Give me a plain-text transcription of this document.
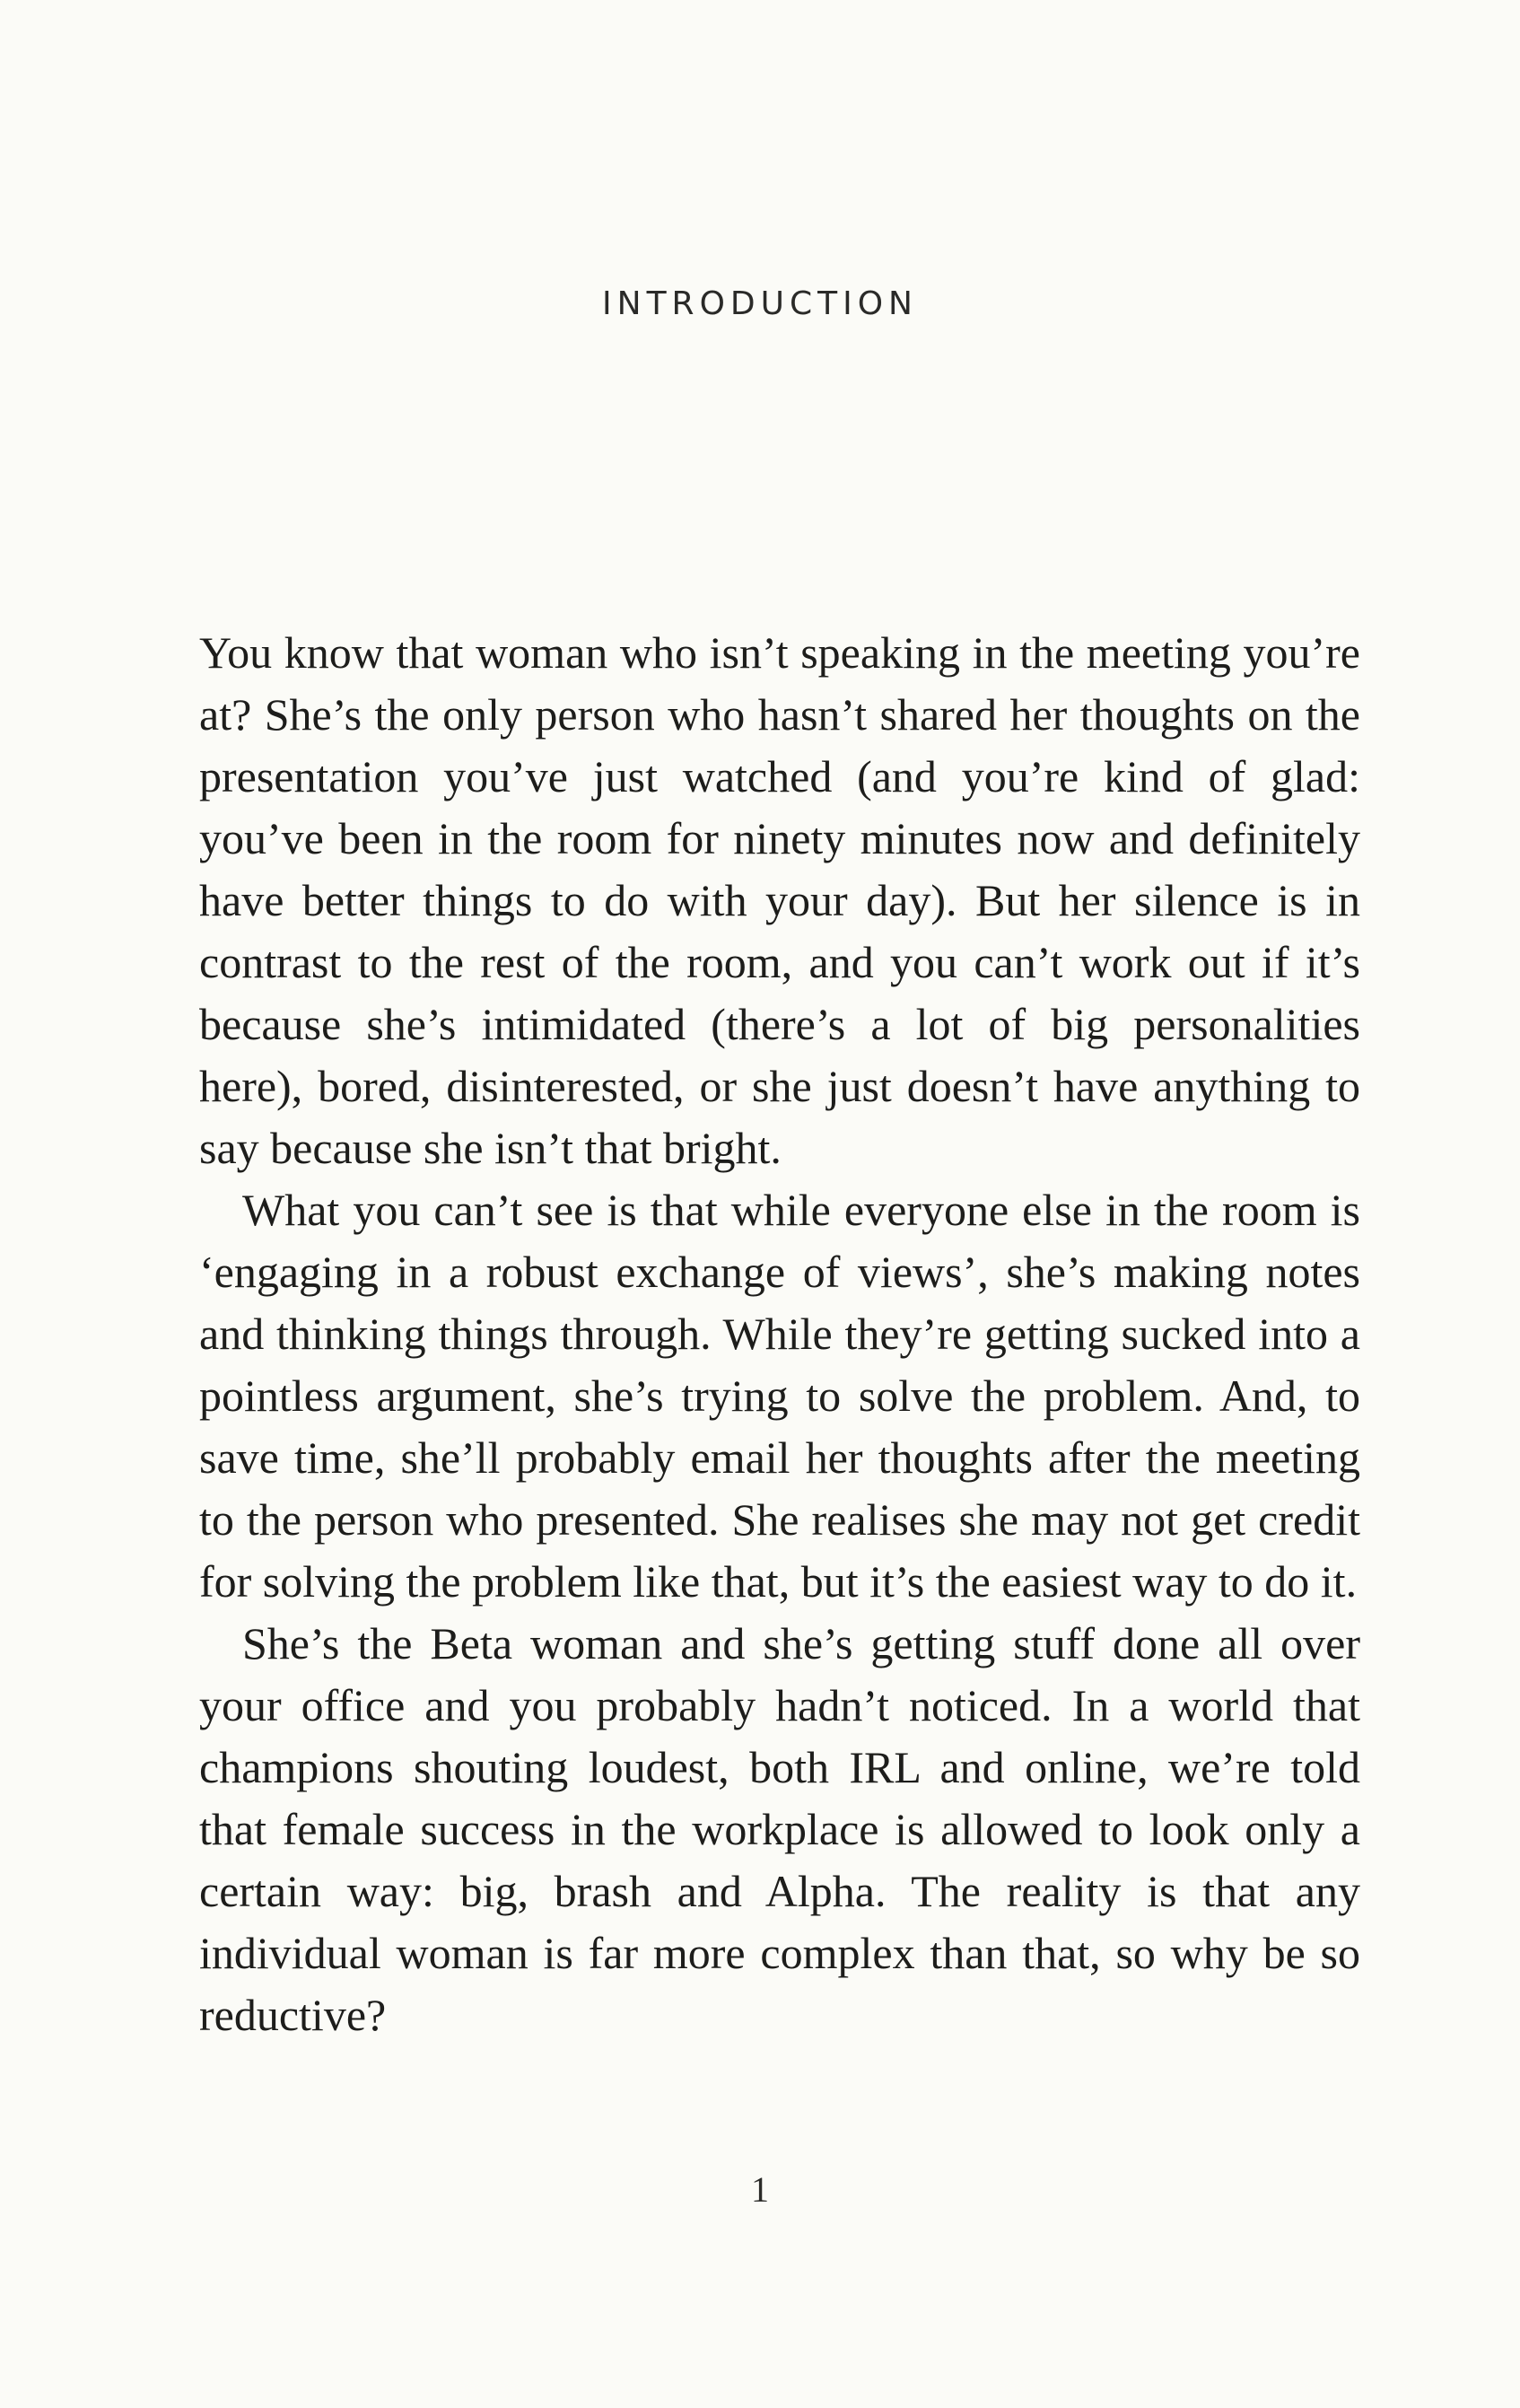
INTRODUCTION

You know that woman who isn’t speaking in the meeting you’re at? She’s the only person who hasn’t shared her thoughts on the presentation you’ve just watched (and you’re kind of glad: you’ve been in the room for ninety minutes now and definitely have better things to do with your day). But her silence is in contrast to the rest of the room, and you can’t work out if it’s because she’s intimidated (there’s a lot of big personalities here), bored, disinterested, or she just doesn’t have anything to say because she isn’t that bright.

What you can’t see is that while everyone else in the room is ‘engaging in a robust exchange of views’, she’s making notes and thinking things through. While they’re getting sucked into a pointless argument, she’s trying to solve the problem. And, to save time, she’ll probably email her thoughts after the meeting to the person who presented. She realises she may not get credit for solving the problem like that, but it’s the easiest way to do it.

She’s the Beta woman and she’s getting stuff done all over your office and you probably hadn’t noticed. In a world that champions shouting loudest, both IRL and online, we’re told that female success in the workplace is allowed to look only a certain way: big, brash and Alpha. The reality is that any individual woman is far more complex than that, so why be so reductive?

1
